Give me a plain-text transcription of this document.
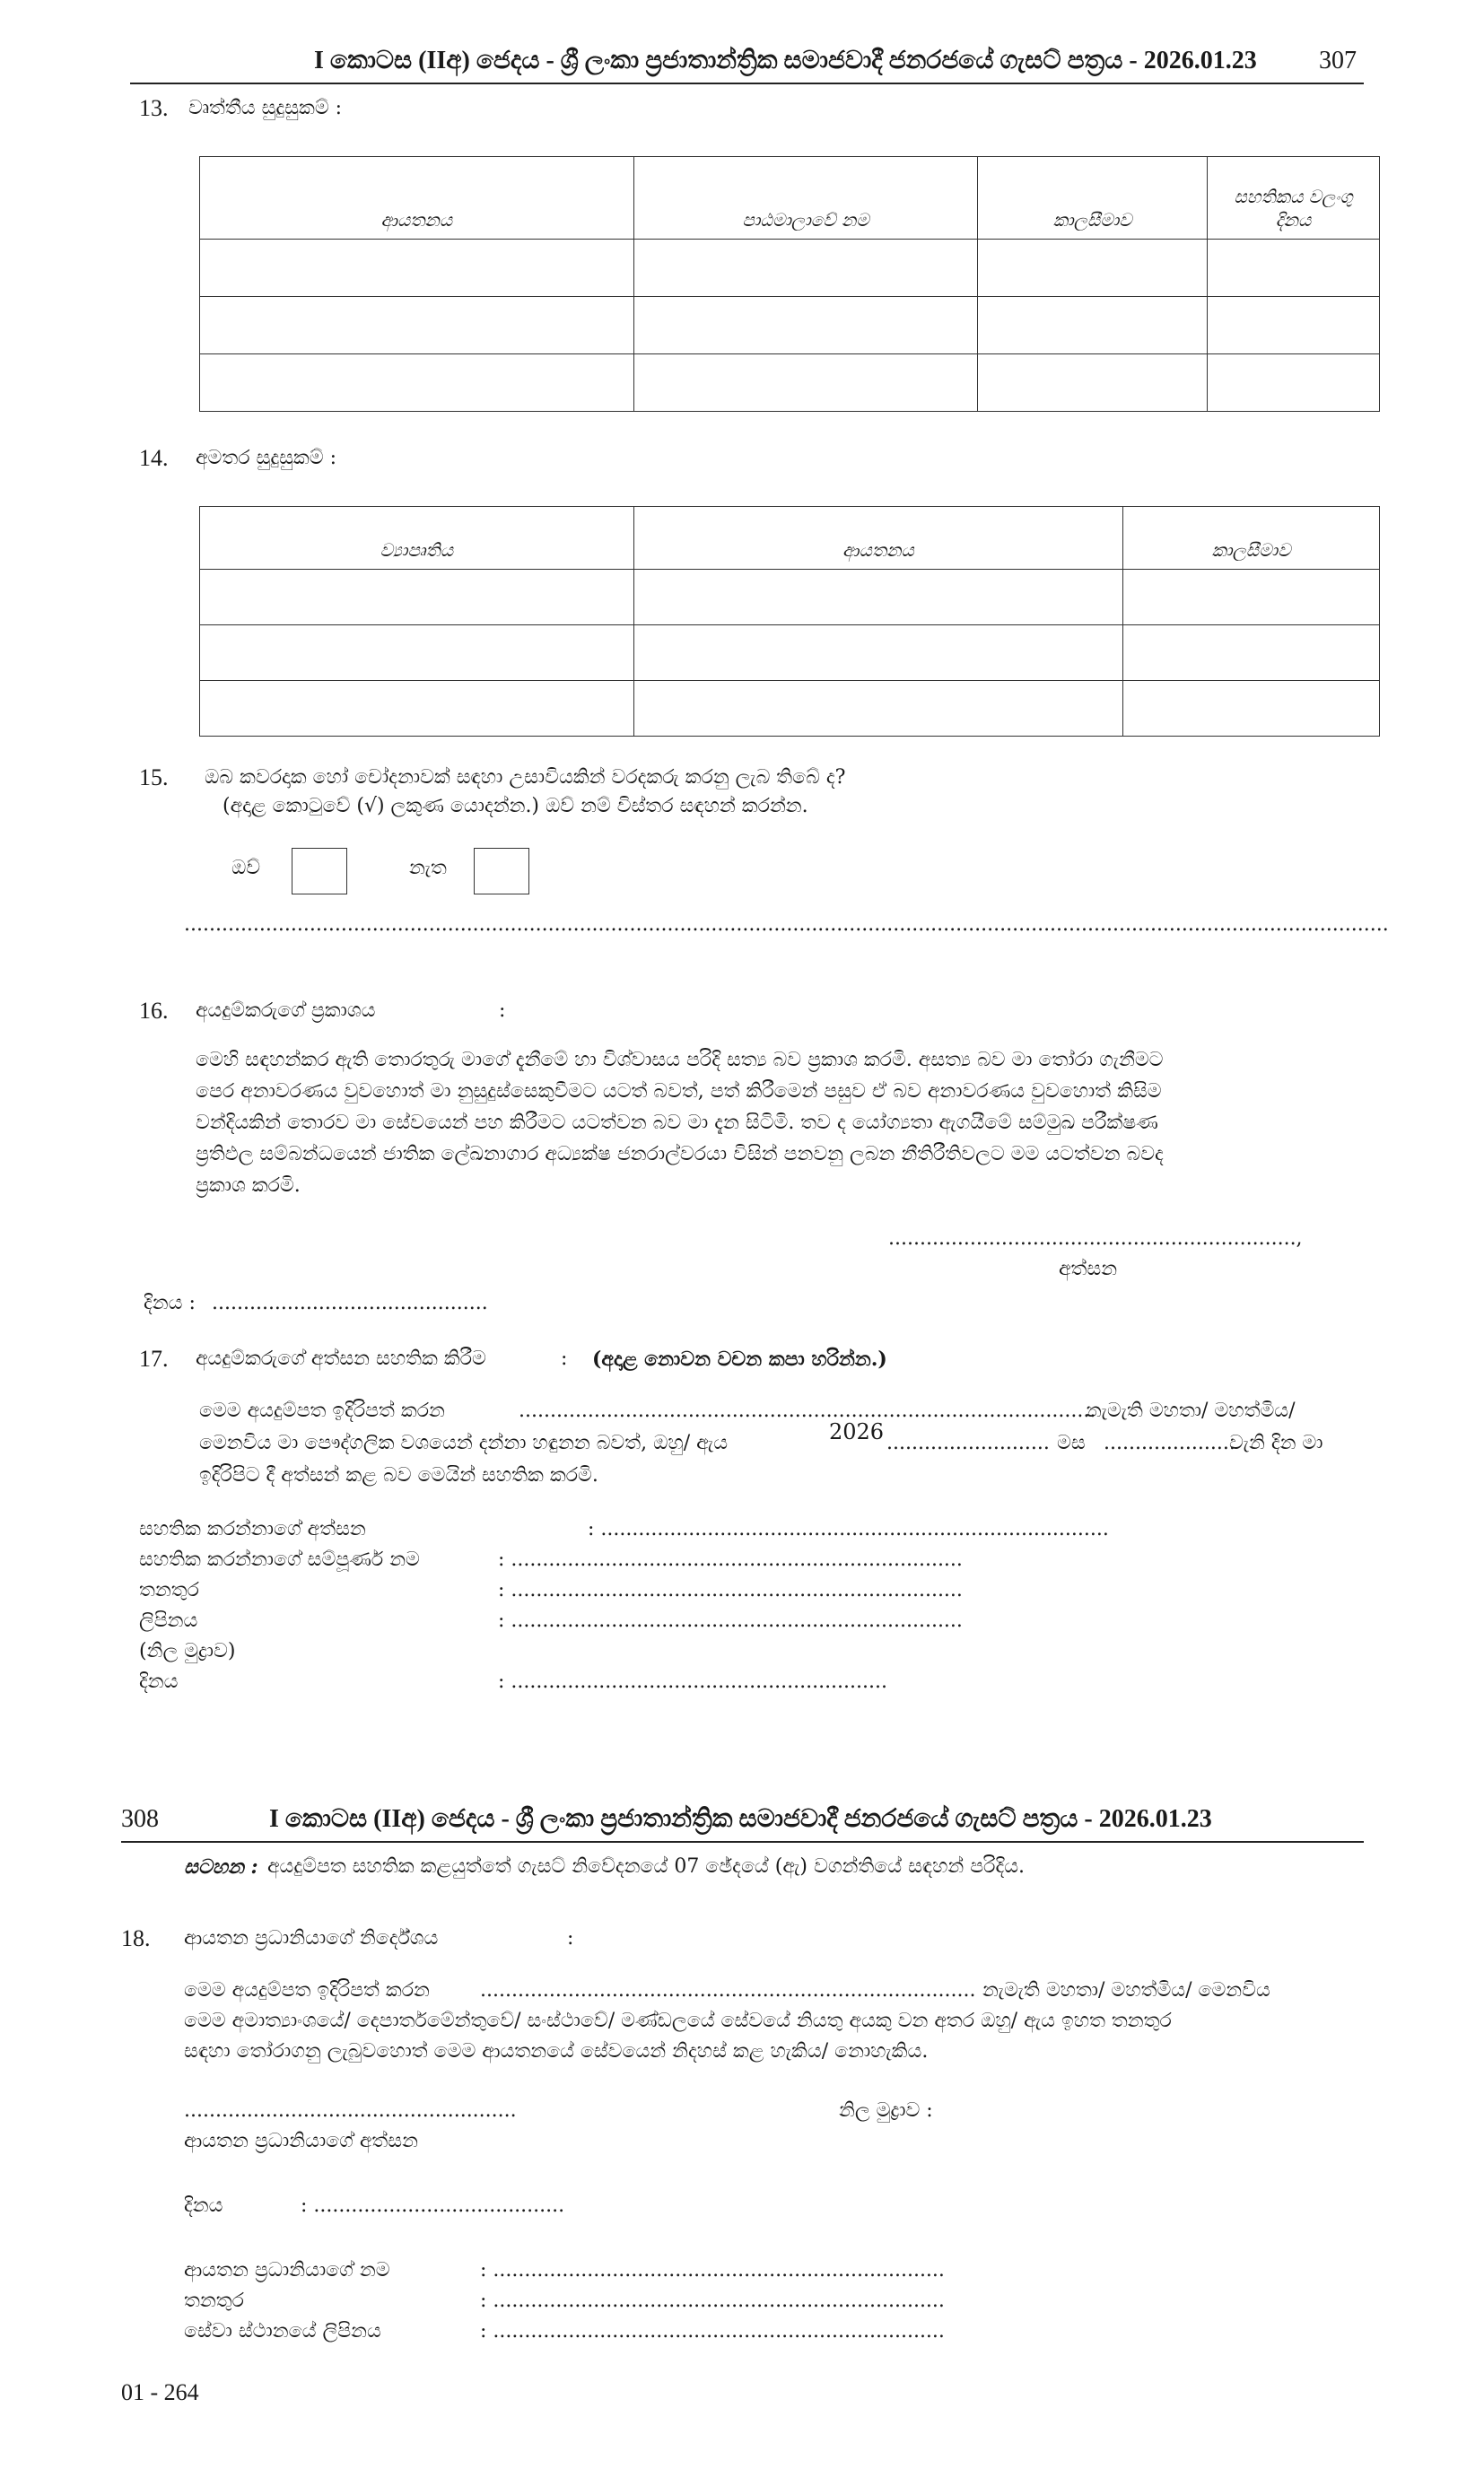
I කොටස (IIඅ) ජෙදය - ශ්‍රී ලංකා ප්‍රජාතාන්ත්‍රික සමාජවාදී ජනරජයේ ගැසට් පත්‍රය - 2026.01.23 307
13. වෘත්තීය සුදුසුකම් :
ආයතනය	පාඨමාලාවේ නම	කාලසීමාව	සහතිකය වලංගු දිනය

14. අමතර සුදුසුකම් :
ව්‍යාපෘතිය	ආයතනය	කාලසීමාව

15. ඔබ කවරදාක හෝ චෝදනාවක් සඳහා උසාවියකින් වරදකරු කරනු ලැබ තිබේ ද?
(අදාළ කොටුවේ (√) ලකුණ යොදන්න.) ඔව් නම් විස්තර සඳහන් කරන්න.
ඔව්	නැත
................................................................................................................................................................................................
16. අයදුම්කරුගේ ප්‍රකාශය	:
මෙහි සඳහන්කර ඇති තොරතුරු මාගේ දැනීමේ හා විශ්වාසය පරිදි සත්‍ය බව ප්‍රකාශ කරමි. අසත්‍ය බව මා තෝරා ගැනීමට
පෙර අනාවරණය වුවහොත් මා නුසුදුස්සෙකුවීමට යටත් බවත්, පත් කිරීමෙන් පසුව ඒ බව අනාවරණය වුවහොත් කිසිම
වන්දියකින් තොරව මා සේවයෙන් පහ කිරීමට යටත්වන බව මා දැන සිටිමි. තව ද යෝග්‍යතා ඇගයීමේ සම්මුඛ පරීක්ෂණ
ප්‍රතිඵල සම්බන්ධයෙන් ජාතික ලේඛනාගාර අධ්‍යක්ෂ ජනරාල්වරයා විසින් පනවනු ලබන නීතිරීතිවලට මම යටත්වන බවද
ප්‍රකාශ කරමි.
.................................................................,
අත්සන
දිනය : ............................................
17. අයදුම්කරුගේ අත්සන සහතික කිරීම	: (අදාළ නොවන වචන කපා හරින්න.)
මෙම අයදුම්පත ඉදිරිපත් කරන	............................................................................................
නැමැති මහතා/ මහත්මිය/
මෙනවිය මා පෞද්ගලික වශයෙන් දන්නා හඳුනන බවත්, ඔහු/ ඇය	2026 .......................... මස .....................
වැනි දින මා
ඉදිරිපිට දී අත්සන් කළ බව මෙයින් සහතික කරමි.
සහතික කරන්නාගේ අත්සන	: .................................................................................
සහතික කරන්නාගේ සම්පූර්ණ නම	: ........................................................................
තනතුර	: ........................................................................
ලිපිනය	: ........................................................................
(නිල මුද්‍රාව)
දිනය	: ............................................................
308	I කොටස (IIඅ) ජෙදය - ශ්‍රී ලංකා ප්‍රජාතාන්ත්‍රික සමාජවාදී ජනරජයේ ගැසට් පත්‍රය - 2026.01.23
සටහන : අයදුම්පත සහතික කළයුත්තේ ගැසට් නිවේදනයේ 07 ඡේදයේ (ඇ) වගන්තියේ සඳහන් පරිදිය.
18. ආයතන ප්‍රධානියාගේ නිර්දේශය	:
මෙම අයදුම්පත ඉදිරිපත් කරන	............................................................................... නැමැති මහතා/ මහත්මිය/ මෙනවිය
මෙම අමාත්‍යාංශයේ/ දෙපාර්තමේන්තුවේ/ සංස්ථාවේ/ මණ්ඩලයේ සේවයේ නියතු අයකු වන අතර ඔහු/ ඇය ඉහත තනතුර
සඳහා තෝරාගනු ලැබුවහොත් මෙම ආයතනයේ සේවයෙන් නිදහස් කළ හැකිය/ නොහැකිය.
.....................................................	නිල මුද්‍රාව :
ආයතන ප්‍රධානියාගේ අත්සන
දිනය	: ........................................
ආයතන ප්‍රධානියාගේ නම	: ........................................................................
තනතුර	: ........................................................................
සේවා ස්ථානයේ ලිපිනය	: ........................................................................
01 - 264
